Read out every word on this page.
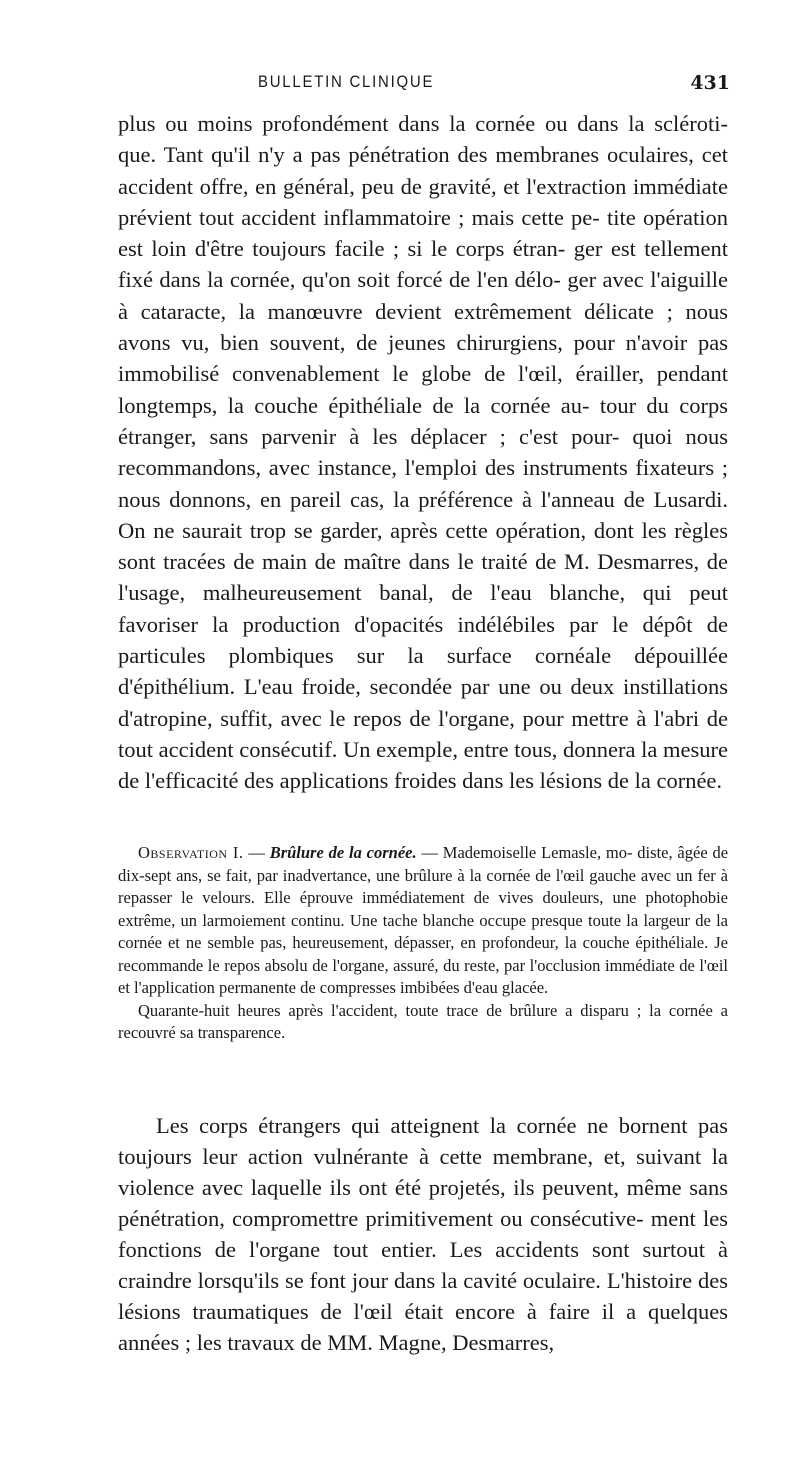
BULLETIN CLINIQUE	431

plus ou moins profondément dans la cornée ou dans la scléroti- que. Tant qu'il n'y a pas pénétration des membranes oculaires, cet accident offre, en général, peu de gravité, et l'extraction immédiate prévient tout accident inflammatoire ; mais cette pe- tite opération est loin d'être toujours facile ; si le corps étran- ger est tellement fixé dans la cornée, qu'on soit forcé de l'en délo- ger avec l'aiguille à cataracte, la manœuvre devient extrêmement délicate ; nous avons vu, bien souvent, de jeunes chirurgiens, pour n'avoir pas immobilisé convenablement le globe de l'œil, érailler, pendant longtemps, la couche épithéliale de la cornée au- tour du corps étranger, sans parvenir à les déplacer ; c'est pour- quoi nous recommandons, avec instance, l'emploi des instruments fixateurs ; nous donnons, en pareil cas, la préférence à l'anneau de Lusardi. On ne saurait trop se garder, après cette opération, dont les règles sont tracées de main de maître dans le traité de M. Desmarres, de l'usage, malheureusement banal, de l'eau blanche, qui peut favoriser la production d'opacités indélébiles par le dépôt de particules plombiques sur la surface cornéale dépouillée d'épithélium. L'eau froide, secondée par une ou deux instillations d'atropine, suffit, avec le repos de l'organe, pour mettre à l'abri de tout accident consécutif. Un exemple, entre tous, donnera la mesure de l'efficacité des applications froides dans les lésions de la cornée.

Observation I. — Brûlure de la cornée. — Mademoiselle Lemasle, mo- diste, âgée de dix-sept ans, se fait, par inadvertance, une brûlure à la cornée de l'œil gauche avec un fer à repasser le velours. Elle éprouve immédiatement de vives douleurs, une photophobie extrême, un larmoiement continu. Une tache blanche occupe presque toute la largeur de la cornée et ne semble pas, heureusement, dépasser, en profondeur, la couche épithéliale. Je recommande le repos absolu de l'organe, assuré, du reste, par l'occlusion immédiate de l'œil et l'application permanente de compresses imbibées d'eau glacée.

Quarante-huit heures après l'accident, toute trace de brûlure a disparu ; la cornée a recouvré sa transparence.

Les corps étrangers qui atteignent la cornée ne bornent pas toujours leur action vulnérante à cette membrane, et, suivant la violence avec laquelle ils ont été projetés, ils peuvent, même sans pénétration, compromettre primitivement ou consécutive- ment les fonctions de l'organe tout entier. Les accidents sont surtout à craindre lorsqu'ils se font jour dans la cavité oculaire. L'histoire des lésions traumatiques de l'œil était encore à faire il a quelques années ; les travaux de MM. Magne, Desmarres,
